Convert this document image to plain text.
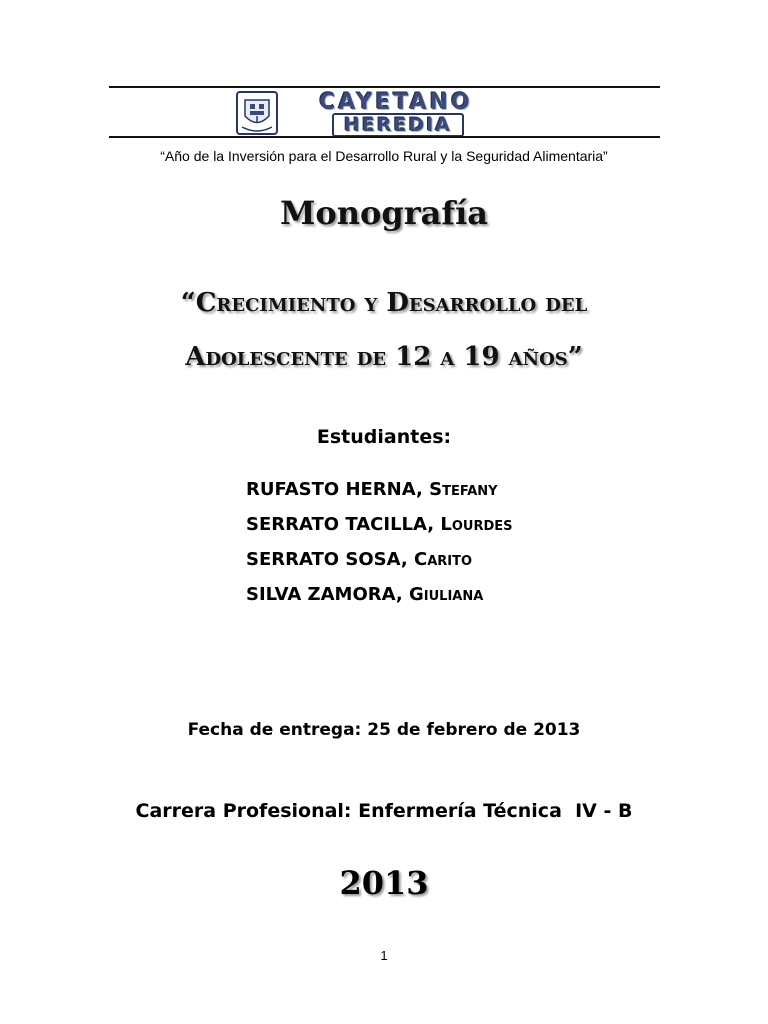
CAYETANO
HEREDIA
“Año de la Inversión para el Desarrollo Rural y la Seguridad Alimentaria”
Monografía
“Crecimiento y Desarrollo del
Adolescente de 12 a 19 años”
Estudiantes:
RUFASTO HERNA, Stefany
SERRATO TACILLA, Lourdes
SERRATO SOSA, Carito
SILVA ZAMORA, Giuliana
Fecha de entrega: 25 de febrero de 2013
Carrera Profesional: Enfermería Técnica  IV - B
2013
1
